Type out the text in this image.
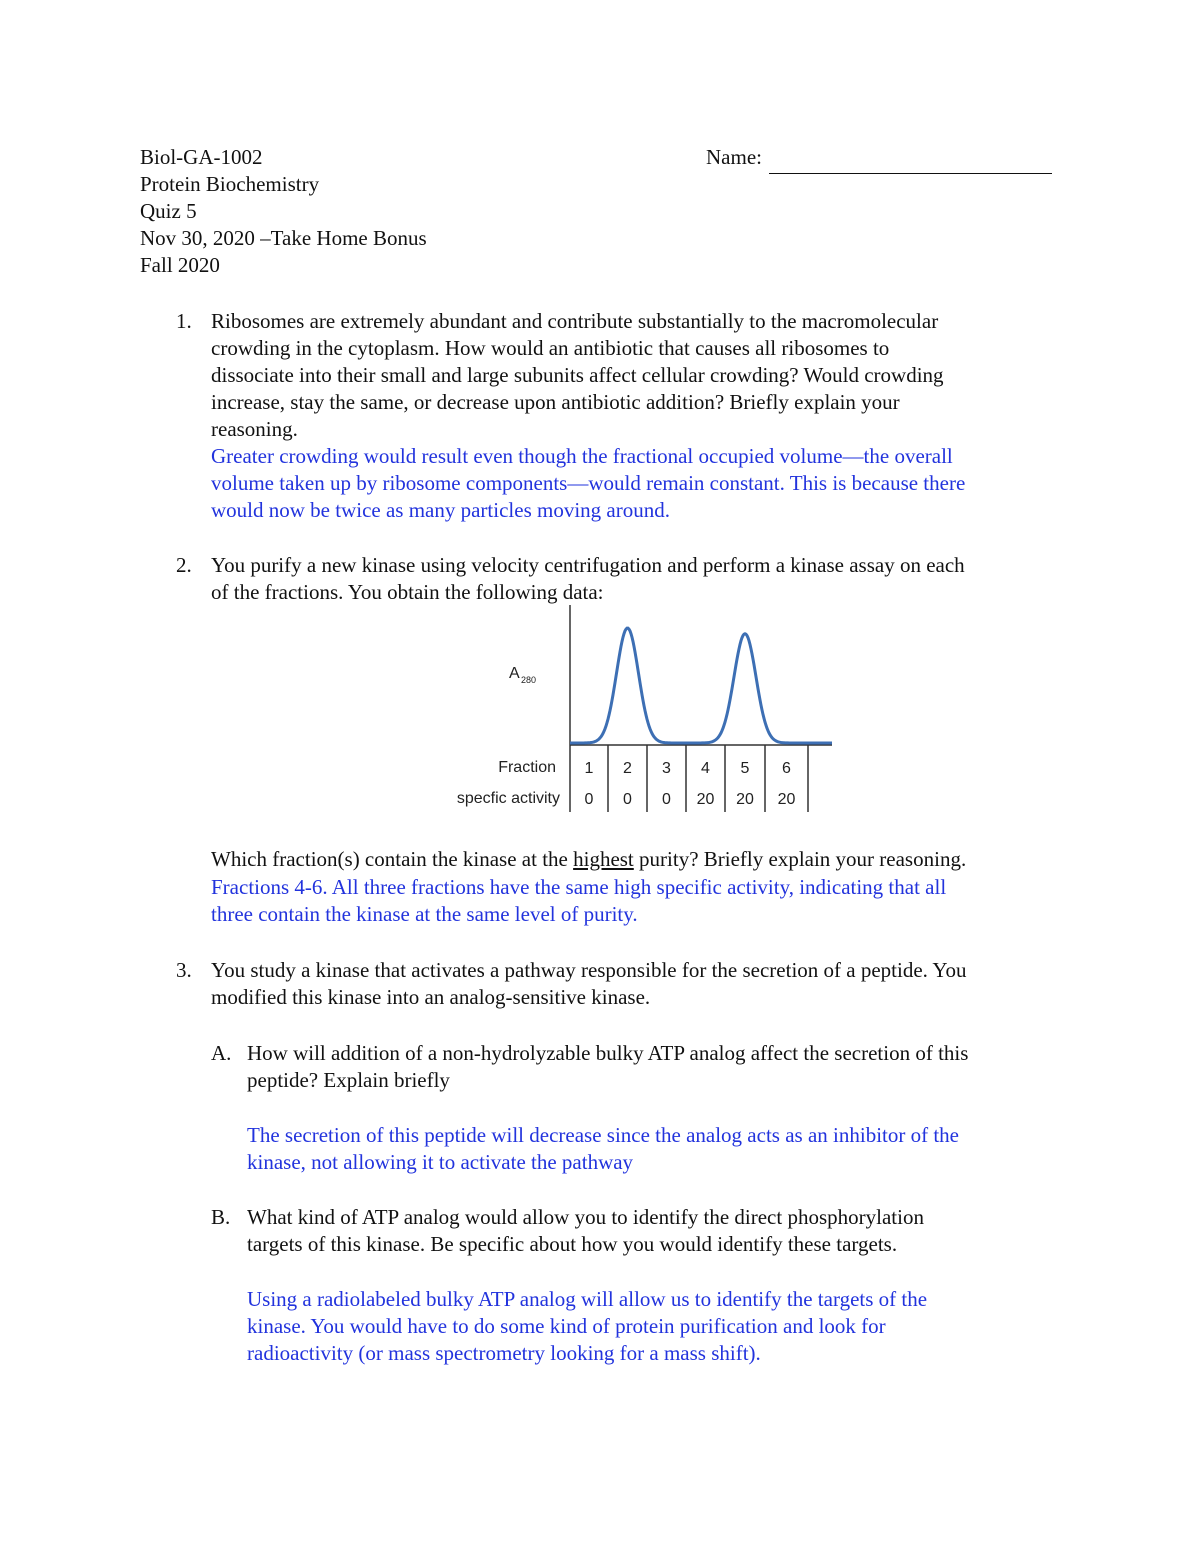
Biol-GA-1002	Name:
Protein Biochemistry
Quiz 5
Nov 30, 2020 –Take Home Bonus
Fall 2020
1. Ribosomes are extremely abundant and contribute substantially to the macromolecular
crowding in the cytoplasm. How would an antibiotic that causes all ribosomes to
dissociate into their small and large subunits affect cellular crowding? Would crowding
increase, stay the same, or decrease upon antibiotic addition? Briefly explain your
reasoning.
Greater crowding would result even though the fractional occupied volume—the overall
volume taken up by ribosome components—would remain constant. This is because there
would now be twice as many particles moving around.
2. You purify a new kinase using velocity centrifugation and perform a kinase assay on each
of the fractions. You obtain the following data:
A 280
Fraction
specfic activity
1
0
2
0
3
0
4
20
5
20
6
20
Which fraction(s) contain the kinase at the highest purity? Briefly explain your reasoning.
Fractions 4-6. All three fractions have the same high specific activity, indicating that all
three contain the kinase at the same level of purity.
3. You study a kinase that activates a pathway responsible for the secretion of a peptide. You
modified this kinase into an analog-sensitive kinase.
A. How will addition of a non-hydrolyzable bulky ATP analog affect the secretion of this
peptide? Explain briefly
The secretion of this peptide will decrease since the analog acts as an inhibitor of the
kinase, not allowing it to activate the pathway
B. What kind of ATP analog would allow you to identify the direct phosphorylation
targets of this kinase. Be specific about how you would identify these targets.
Using a radiolabeled bulky ATP analog will allow us to identify the targets of the
kinase. You would have to do some kind of protein purification and look for
radioactivity (or mass spectrometry looking for a mass shift).
